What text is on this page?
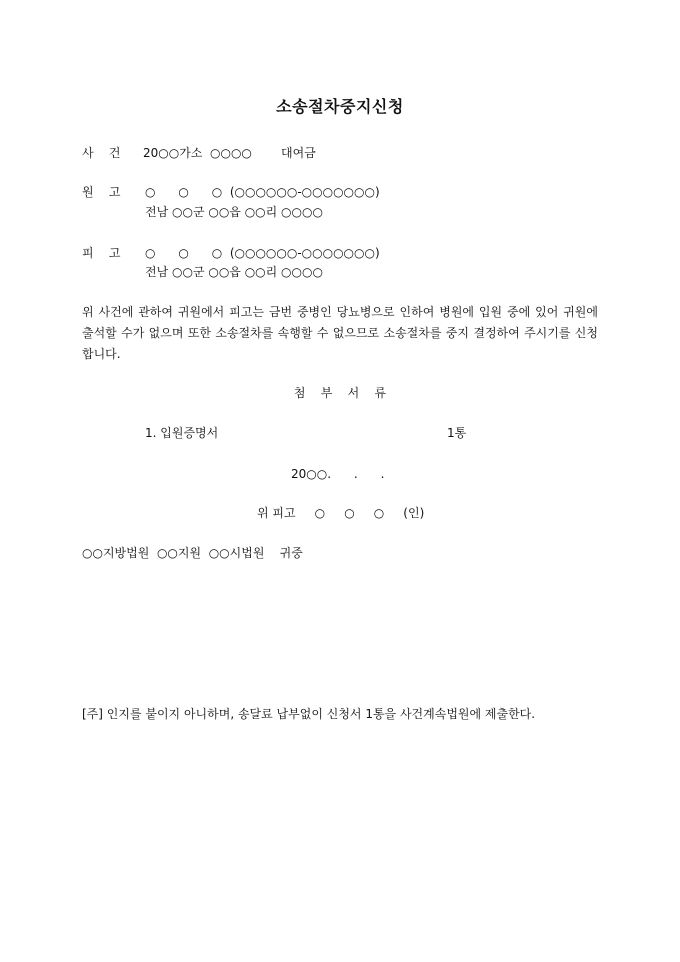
소송절차중지신청
사    건 20○○가소  ○○○○ 대여금
원    고 ○      ○      ○  (○○○○○○-○○○○○○○)
전남 ○○군 ○○읍 ○○리 ○○○○
피    고 ○      ○      ○  (○○○○○○-○○○○○○○)
전남 ○○군 ○○읍 ○○리 ○○○○
위 사건에 관하여 귀원에서 피고는 금번 중병인 당뇨병으로 인하여 병원에 입원 중에 있어 귀원에 출석할 수가 없으며 또한 소송절차를 속행할 수 없으므로 소송절차를 중지 결정하여 주시기를 신청합니다.
첨    부    서    류
1. 입원증명서	1통
20○○.      .      .
위 피고     ○     ○     ○     (인)
○○지방법원  ○○지원  ○○시법원    귀중
[주] 인지를 붙이지 아니하며, 송달료 납부없이 신청서 1통을 사건계속법원에 제출한다.
